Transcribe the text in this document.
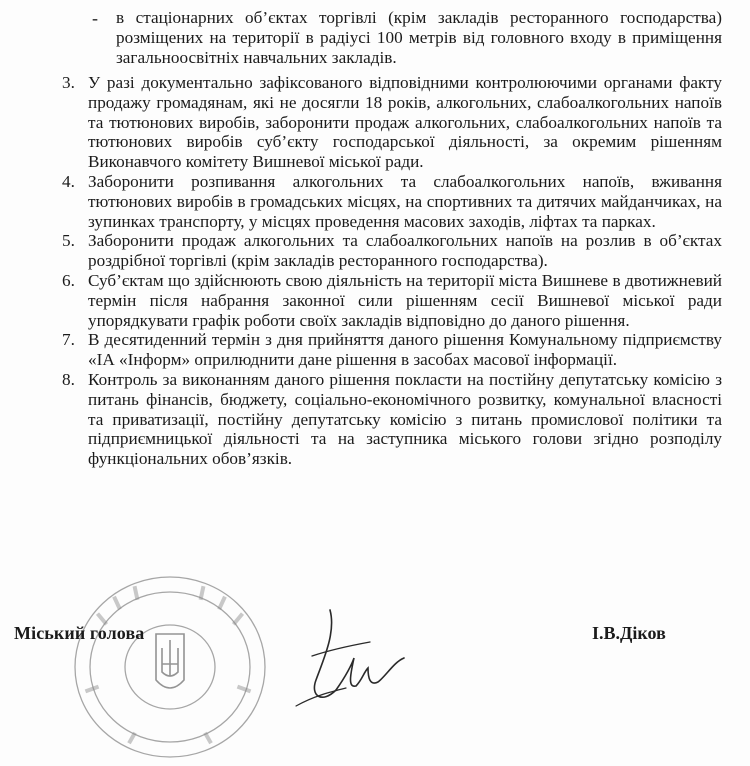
- в стаціонарних об’єктах торгівлі (крім закладів ресторанного господарства) розміщених на території в радіусі 100 метрів від головного входу в приміщення загальноосвітніх навчальних закладів.
3. У разі документально зафіксованого відповідними контролюючими органами факту продажу громадянам, які не досягли 18 років, алкогольних, слабоалкогольних напоїв та тютюнових виробів, заборонити продаж алкогольних, слабоалкогольних напоїв та тютюнових виробів суб’єкту господарської діяльності, за окремим рішенням Виконавчого комітету Вишневої міської ради.
4. Заборонити розпивання алкогольних та слабоалкогольних напоїв, вживання тютюнових виробів в громадських місцях, на спортивних та дитячих майданчиках, на зупинках транспорту, у місцях проведення масових заходів, ліфтах та парках.
5. Заборонити продаж алкогольних та слабоалкогольних напоїв на розлив в об’єктах роздрібної торгівлі (крім закладів ресторанного господарства).
6. Суб’єктам що здійснюють свою діяльність на території міста Вишневе в двотижневий термін після набрання законної сили рішенням сесії Вишневої міської ради упорядкувати графік роботи своїх закладів відповідно до даного рішення.
7. В десятиденний термін з дня прийняття даного рішення Комунальному підприємству «ІА «Інформ» оприлюднити дане рішення в засобах масової інформації.
8. Контроль за виконанням даного рішення покласти на постійну депутатську комісію з питань фінансів, бюджету, соціально-економічного розвитку, комунальної власності та приватизації, постійну депутатську комісію з питань промислової політики та підприємницької діяльності та на заступника міського голови згідно розподілу функціональних обов’язків.
Міський голова	І.В.Діков
